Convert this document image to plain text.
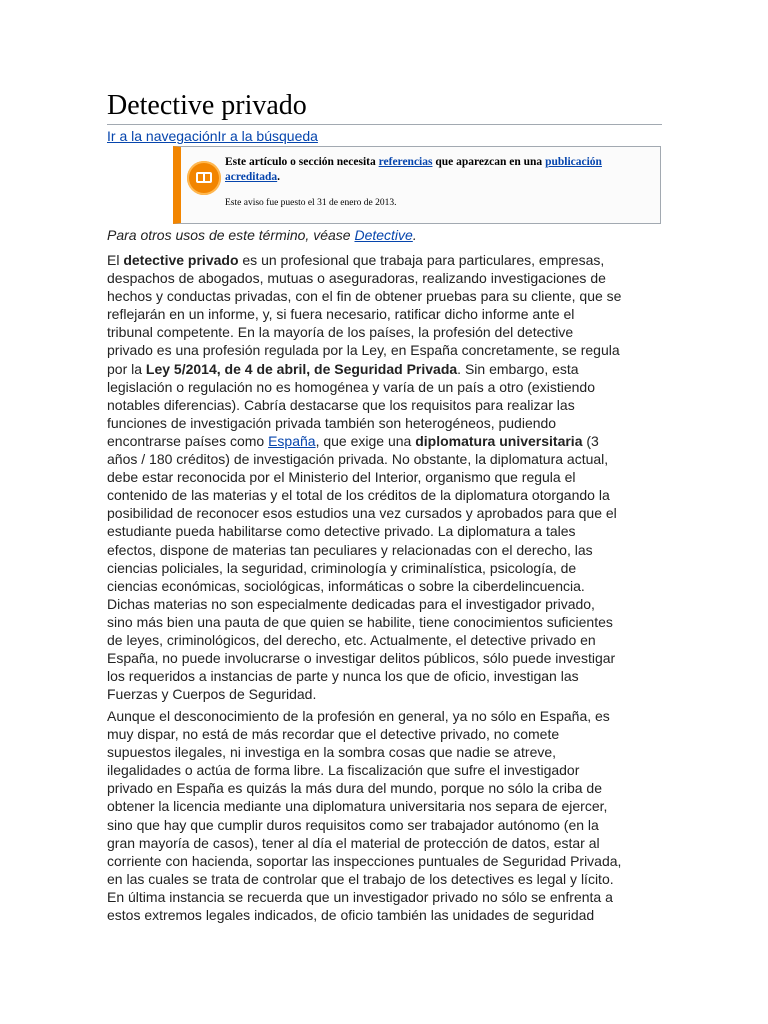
Detective privado
Ir a la navegaciónIr a la búsqueda
Este artículo o sección necesita referencias que aparezcan en una publicación acreditada.
Este aviso fue puesto el 31 de enero de 2013.
Para otros usos de este término, véase Detective.

El detective privado es un profesional que trabaja para particulares, empresas,
despachos de abogados, mutuas o aseguradoras, realizando investigaciones de
hechos y conductas privadas, con el fin de obtener pruebas para su cliente, que se
reflejarán en un informe, y, si fuera necesario, ratificar dicho informe ante el
tribunal competente. En la mayoría de los países, la profesión del detective
privado es una profesión regulada por la Ley, en España concretamente, se regula
por la Ley 5/2014, de 4 de abril, de Seguridad Privada. Sin embargo, esta
legislación o regulación no es homogénea y varía de un país a otro (existiendo
notables diferencias). Cabría destacarse que los requisitos para realizar las
funciones de investigación privada también son heterogéneos, pudiendo
encontrarse países como España, que exige una diplomatura universitaria (3
años / 180 créditos) de investigación privada. No obstante, la diplomatura actual,
debe estar reconocida por el Ministerio del Interior, organismo que regula el
contenido de las materias y el total de los créditos de la diplomatura otorgando la
posibilidad de reconocer esos estudios una vez cursados y aprobados para que el
estudiante pueda habilitarse como detective privado. La diplomatura a tales
efectos, dispone de materias tan peculiares y relacionadas con el derecho, las
ciencias policiales, la seguridad, criminología y criminalística, psicología, de
ciencias económicas, sociológicas, informáticas o sobre la ciberdelincuencia.
Dichas materias no son especialmente dedicadas para el investigador privado,
sino más bien una pauta de que quien se habilite, tiene conocimientos suficientes
de leyes, criminológicos, del derecho, etc. Actualmente, el detective privado en
España, no puede involucrarse o investigar delitos públicos, sólo puede investigar
los requeridos a instancias de parte y nunca los que de oficio, investigan las
Fuerzas y Cuerpos de Seguridad.

Aunque el desconocimiento de la profesión en general, ya no sólo en España, es
muy dispar, no está de más recordar que el detective privado, no comete
supuestos ilegales, ni investiga en la sombra cosas que nadie se atreve,
ilegalidades o actúa de forma libre. La fiscalización que sufre el investigador
privado en España es quizás la más dura del mundo, porque no sólo la criba de
obtener la licencia mediante una diplomatura universitaria nos separa de ejercer,
sino que hay que cumplir duros requisitos como ser trabajador autónomo (en la
gran mayoría de casos), tener al día el material de protección de datos, estar al
corriente con hacienda, soportar las inspecciones puntuales de Seguridad Privada,
en las cuales se trata de controlar que el trabajo de los detectives es legal y lícito.
En última instancia se recuerda que un investigador privado no sólo se enfrenta a
estos extremos legales indicados, de oficio también las unidades de seguridad
